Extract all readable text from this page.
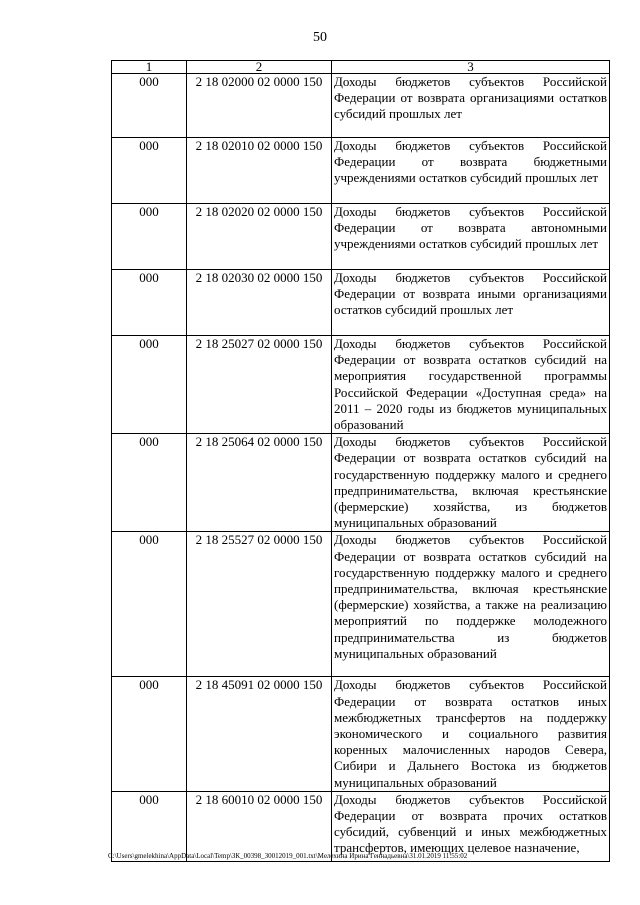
50
1	2	3
000	2 18 02000 02 0000 150	Доходы бюджетов субъектов Российской Федерации от возврата организациями остатков субсидий прошлых лет
000	2 18 02010 02 0000 150	Доходы бюджетов субъектов Российской Федерации от возврата бюджетными учреждениями остатков субсидий прошлых лет
000	2 18 02020 02 0000 150	Доходы бюджетов субъектов Российской Федерации от возврата автономными учреждениями остатков субсидий прошлых лет
000	2 18 02030 02 0000 150	Доходы бюджетов субъектов Российской Федерации от возврата иными организациями остатков субсидий прошлых лет
000	2 18 25027 02 0000 150	Доходы бюджетов субъектов Российской Федерации от возврата остатков субсидий на мероприятия государственной программы Российской Федерации «Доступная среда» на 2011 – 2020 годы из бюджетов муниципальных образований
000	2 18 25064 02 0000 150	Доходы бюджетов субъектов Российской Федерации от возврата остатков субсидий на государственную поддержку малого и среднего предпринимательства, включая крестьянские (фермерские) хозяйства, из бюджетов муниципальных образований
000	2 18 25527 02 0000 150	Доходы бюджетов субъектов Российской Федерации от возврата остатков субсидий на государственную поддержку малого и среднего предпринимательства, включая крестьянские (фермерские) хозяйства, а также на реализацию мероприятий по поддержке молодежного предпринимательства из бюджетов муниципальных образований
000	2 18 45091 02 0000 150	Доходы бюджетов субъектов Российской Федерации от возврата остатков иных межбюджетных трансфертов на поддержку экономического и социального развития коренных малочисленных народов Севера, Сибири и Дальнего Востока из бюджетов муниципальных образований
000	2 18 60010 02 0000 150	Доходы бюджетов субъектов Российской Федерации от возврата прочих остатков субсидий, субвенций и иных межбюджетных трансфертов, имеющих целевое назначение,
C:\Users\gmelekhina\AppData\Local\Temp\ЗК_00398_30012019_001.txt\Мелехина Ирина Геннадьевна\31.01.2019 11:55:02
